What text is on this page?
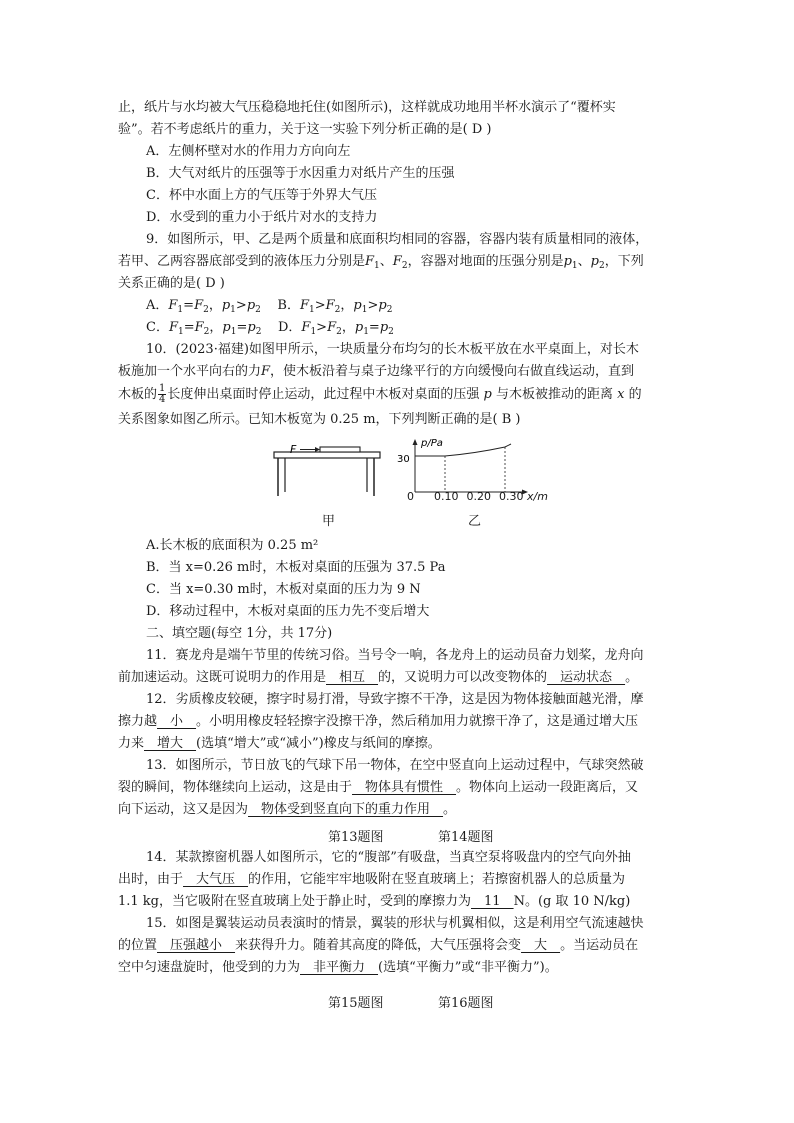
止，纸片与水均被大气压稳稳地托住(如图所示)，这样就成功地用半杯水演示了“覆杯实
验”。若不考虑纸片的重力，关于这一实验下列分析正确的是( D )
A．左侧杯壁对水的作用力方向向左
B．大气对纸片的压强等于水因重力对纸片产生的压强
C．杯中水面上方的气压等于外界大气压
D．水受到的重力小于纸片对水的支持力
9．如图所示，甲、乙是两个质量和底面积均相同的容器，容器内装有质量相同的液体，
若甲、乙两容器底部受到的液体压力分别是$F_1$、$F_2$，容器对地面的压强分别是$p_1$、$p_2$，下列
关系正确的是( D )
A．$F_1=F_2$，$p_1>p_2$ B．$F_1>F_2$，$p_1>p_2$
C．$F_1=F_2$，$p_1=p_2$ D．$F_1>F_2$，$p_1=p_2$
10．(2023·福建)如图甲所示，一块质量分布均匀的长木板平放在水平桌面上，对长木
板施加一个水平向右的力F，使木板沿着与桌子边缘平行的方向缓慢向右做直线运动，直到
木板的 $\frac{1}{4}$ 长度伸出桌面时停止运动，此过程中木板对桌面的压强 p 与木板被推动的距离 x 的
关系图象如图乙所示。已知木板宽为 0.25 m，下列判断正确的是( B )
F	p/Pa
30
0 0.10 0.20 0.30 x/m
甲	乙
A.长木板的底面积为 0.25 m²
B．当 x=0.26 m时，木板对桌面的压强为 37.5 Pa
C．当 x=0.30 m时，木板对桌面的压力为 9 N
D．移动过程中，木板对桌面的压力先不变后增大
二、填空题(每空 1分，共 17分)
11．赛龙舟是端午节里的传统习俗。当号令一响，各龙舟上的运动员奋力划桨，龙舟向
前加速运动。这既可说明力的作用是　相互　的，又说明力可以改变物体的　运动状态　。
12．劣质橡皮较硬，擦字时易打滑，导致字擦不干净，这是因为物体接触面越光滑，摩
擦力越　小　。小明用橡皮轻轻擦字没擦干净，然后稍加用力就擦干净了，这是通过增大压
力来　增大　(选填“增大”或“减小”)橡皮与纸间的摩擦。
13．如图所示，节日放飞的气球下吊一物体，在空中竖直向上运动过程中，气球突然破
裂的瞬间，物体继续向上运动，这是由于　物体具有惯性　。物体向上运动一段距离后，又
向下运动，这又是因为　物体受到竖直向下的重力作用　。
第13题图	第14题图
14．某款擦窗机器人如图所示，它的“腹部”有吸盘，当真空泵将吸盘内的空气向外抽
出时，由于　大气压　的作用，它能牢牢地吸附在竖直玻璃上；若擦窗机器人的总质量为
1.1 kg，当它吸附在竖直玻璃上处于静止时，受到的摩擦力为　11　N。(g 取 10 N/kg)
15．如图是翼装运动员表演时的情景，翼装的形状与机翼相似，这是利用空气流速越快
的位置　压强越小　来获得升力。随着其高度的降低，大气压强将会变　大　。当运动员在
空中匀速盘旋时，他受到的力为　非平衡力　(选填“平衡力”或“非平衡力”)。
第15题图	第16题图
